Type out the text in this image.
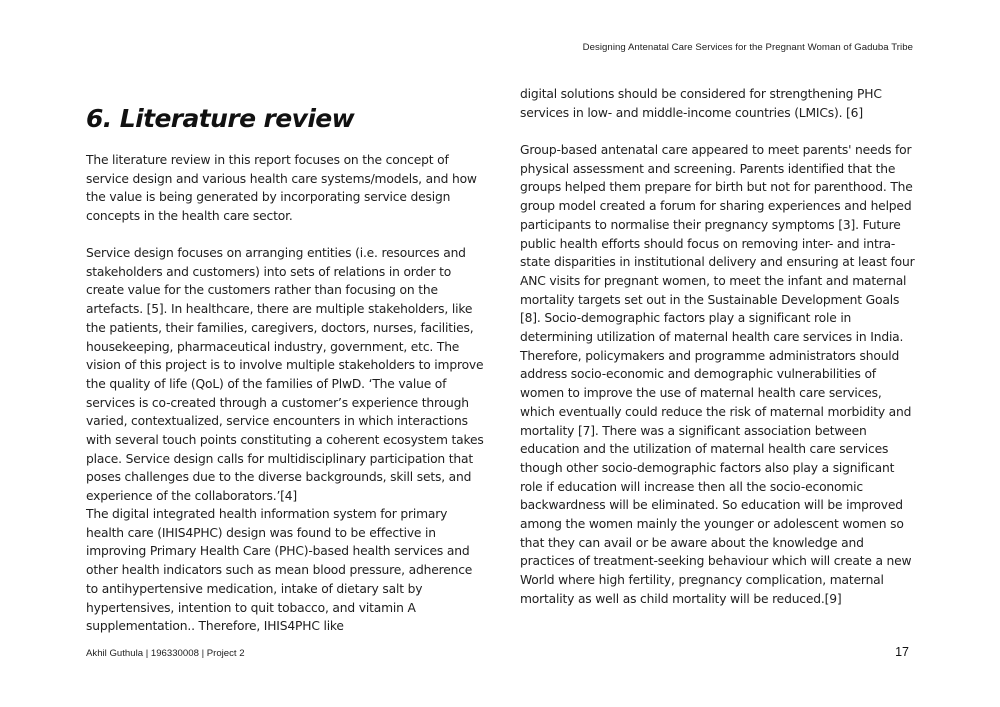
Designing Antenatal Care Services for the Pregnant Woman of Gaduba Tribe
6. Literature review

The literature review in this report focuses on the concept of service design and various health care systems/models, and how the value is being generated by incorporating service design concepts in the health care sector.

Service design focuses on arranging entities (i.e. resources and stakeholders and customers) into sets of relations in order to create value for the customers rather than focusing on the artefacts. [5]. In healthcare, there are multiple stakeholders, like the patients, their families, caregivers, doctors, nurses, facilities, housekeeping, pharmaceutical industry, government, etc. The vision of this project is to involve multiple stakeholders to improve the quality of life (QoL) of the families of PlwD. ‘The value of services is co-created through a customer’s experience through varied, contextualized, service encounters in which interactions with several touch points constituting a coherent ecosystem takes place. Service design calls for multidisciplinary participation that poses challenges due to the diverse backgrounds, skill sets, and experience of the collaborators.’[4]

The digital integrated health information system for primary health care (IHIS4PHC) design was found to be effective in improving Primary Health Care (PHC)-based health services and other health indicators such as mean blood pressure, adherence to antihypertensive medication, intake of dietary salt by hypertensives, intention to quit tobacco, and vitamin A supplementation.. Therefore, IHIS4PHC like

digital solutions should be considered for strengthening PHC services in low- and middle-income countries (LMICs). [6]

Group-based antenatal care appeared to meet parents' needs for physical assessment and screening. Parents identified that the groups helped them prepare for birth but not for parenthood. The group model created a forum for sharing experiences and helped participants to normalise their pregnancy symptoms [3]. Future public health efforts should focus on removing inter- and intra-state disparities in institutional delivery and ensuring at least four ANC visits for pregnant women, to meet the infant and maternal mortality targets set out in the Sustainable Development Goals [8]. Socio-demographic factors play a significant role in determining utilization of maternal health care services in India. Therefore, policymakers and programme administrators should address socio-economic and demographic vulnerabilities of women to improve the use of maternal health care services, which eventually could reduce the risk of maternal morbidity and mortality [7]. There was a significant association between education and the utilization of maternal health care services though other socio-demographic factors also play a significant role if education will increase then all the socio-economic backwardness will be eliminated. So education will be improved among the women mainly the younger or adolescent women so that they can avail or be aware about the knowledge and practices of treatment-seeking behaviour which will create a new World where high fertility, pregnancy complication, maternal mortality as well as child mortality will be reduced.[9]

Akhil Guthula | 196330008 | Project 2	17
